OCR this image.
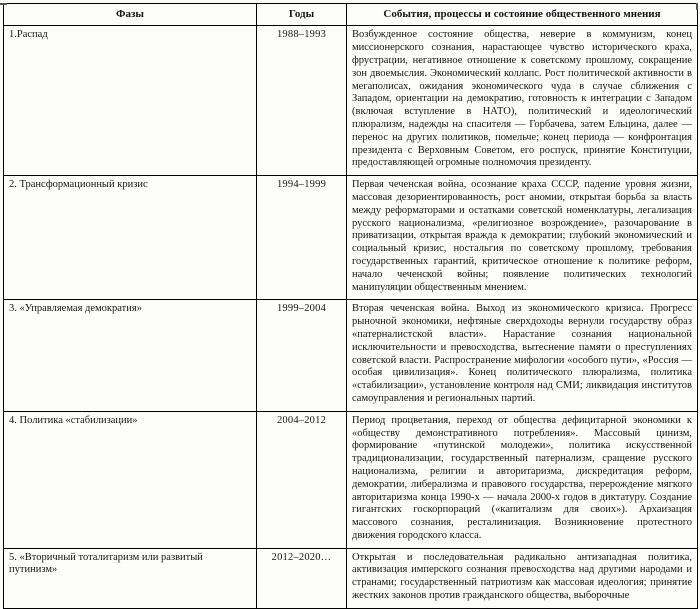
Фазы	Годы	События, процессы и состояние общественного мнения
1.Распад	1988–1993	Возбужденное состояние общества, неверие в коммунизм, конец миссионерского сознания, нарастающее чувство исторического краха, фрустрации, негативное отношение к советскому прошлому, сокращение зон двоемыслия. Экономический коллапс. Рост политической активности в мегаполисах, ожидания экономического чуда в случае сближения с Западом, ориентации на демократию, готовность к интеграции с Западом (включая вступление в НАТО), политический и идеологический плюрализм, надежды на спасителя — Горбачева, затем Ельцина, далее — перенос на других политиков, помельче; конец периода — конфронтация президента с Верховным Советом, его роспуск, принятие Конституции, предоставляющей огромные полномочия президенту.
2. Трансформационный кризис	1994–1999	Первая чеченская война, осознание краха СССР, падение уровня жизни, массовая дезориентированность, рост аномии, открытая борьба за власть между реформаторами и остатками советской номенклатуры, легализация русского национализма, «религиозное возрождение», разочарование в приватизации, открытая вражда к демократии; глубокий экономический и социальный кризис, ностальгия по советскому прошлому, требования государственных гарантий, критическое отношение к политике реформ, начало чеченской войны; появление политических технологий манипуляции общественным мнением.
3. «Управляемая демократия»	1999–2004	Вторая чеченская война. Выход из экономического кризиса. Прогресс рыночной экономики, нефтяные сверхдоходы вернули государству образ «патерналистской власти». Нарастание сознания национальной исключительности и превосходства, вытеснение памяти о преступлениях советской власти. Распространение мифологии «особого пути», «Россия — особая цивилизация». Конец политического плюрализма, политика «стабилизации», установление контроля над СМИ; ликвидация институтов самоуправления и региональных партий.
4. Политика «стабилизации»	2004–2012	Период процветания, переход от общества дефицитарной экономики к «обществу демонстративного потребления». Массовый цинизм, формирование «путинской молодежи», политика искусственной традиционализации, государственный патернализм, сращение русского национализма, религии и авторитаризма, дискредитация реформ, демократии, либерализма и правового государства, перерождение мягкого авторитаризма конца 1990-х — начала 2000-х годов в диктатуру. Создание гигантских госкорпораций («капитализм для своих»). Архаизация массового сознания, ресталинизация. Возникновение протестного движения городского класса.
5. «Вторичный тоталитаризм или развитый путинизм»	2012–2020…	Открытая и последовательная радикально антизападная политика, активизация имперского сознания превосходства над другими народами и странами; государственный патриотизм как массовая идеология; принятие жестких законов против гражданского общества, выборочные
